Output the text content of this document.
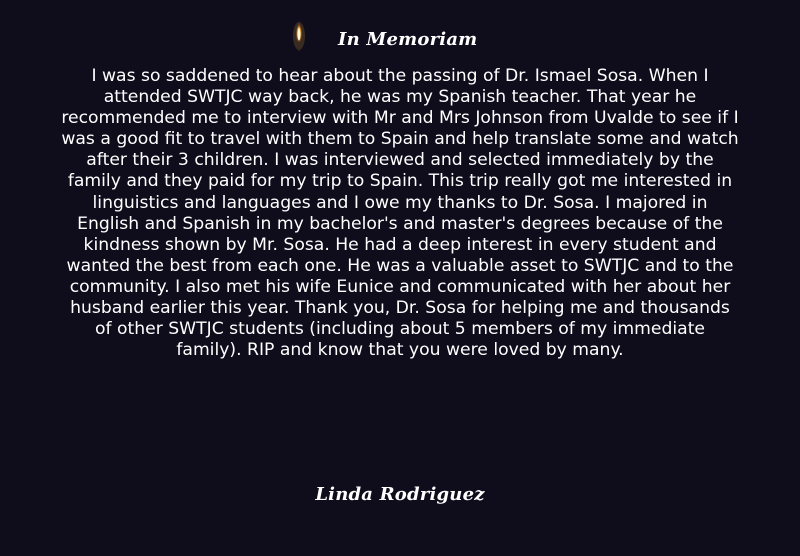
In Memoriam
I was so saddened to hear about the passing of Dr. Ismael Sosa. When I attended SWTJC way back, he was my Spanish teacher. That year he recommended me to interview with Mr and Mrs Johnson from Uvalde to see if I was a good fit to travel with them to Spain and help translate some and watch after their 3 children. I was interviewed and selected immediately by the family and they paid for my trip to Spain. This trip really got me interested in linguistics and languages and I owe my thanks to Dr. Sosa. I majored in English and Spanish in my bachelor's and master's degrees because of the kindness shown by Mr. Sosa. He had a deep interest in every student and wanted the best from each one. He was a valuable asset to SWTJC and to the community. I also met his wife Eunice and communicated with her about her husband earlier this year. Thank you, Dr. Sosa for helping me and thousands of other SWTJC students (including about 5 members of my immediate family). RIP and know that you were loved by many.
Linda Rodriguez
